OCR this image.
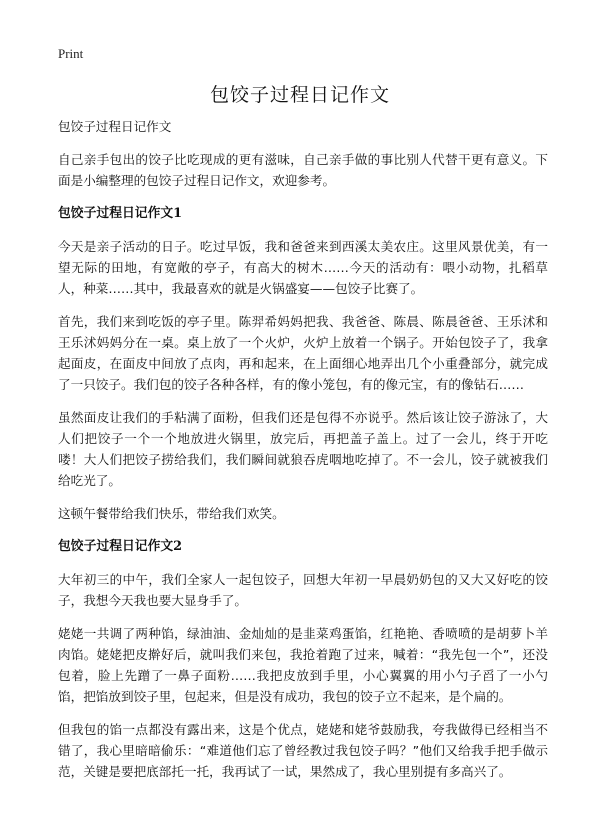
Print
包饺子过程日记作文

包饺子过程日记作文

自己亲手包出的饺子比吃现成的更有滋味，自己亲手做的事比别人代替干更有意义。下面是小编整理的包饺子过程日记作文，欢迎参考。

包饺子过程日记作文1

今天是亲子活动的日子。吃过早饭，我和爸爸来到西溪太美农庄。这里风景优美，有一望无际的田地，有宽敞的亭子，有高大的树木……今天的活动有：喂小动物，扎稻草人，种菜……其中，我最喜欢的就是火锅盛宴——包饺子比赛了。

首先，我们来到吃饭的亭子里。陈羿希妈妈把我、我爸爸、陈晨、陈晨爸爸、王乐沭和王乐沭妈妈分在一桌。桌上放了一个火炉，火炉上放着一个锅子。开始包饺子了，我拿起面皮，在面皮中间放了点肉，再和起来，在上面细心地弄出几个小重叠部分，就完成了一只饺子。我们包的饺子各种各样，有的像小笼包，有的像元宝，有的像钻石……

虽然面皮让我们的手粘满了面粉，但我们还是包得不亦说乎。然后该让饺子游泳了，大人们把饺子一个一个地放进火锅里，放完后，再把盖子盖上。过了一会儿，终于开吃喽！大人们把饺子捞给我们，我们瞬间就狼吞虎咽地吃掉了。不一会儿，饺子就被我们给吃光了。

这顿午餐带给我们快乐，带给我们欢笑。

包饺子过程日记作文2

大年初三的中午，我们全家人一起包饺子，回想大年初一早晨奶奶包的又大又好吃的饺子，我想今天我也要大显身手了。

姥姥一共调了两种馅，绿油油、金灿灿的是韭菜鸡蛋馅，红艳艳、香喷喷的是胡萝卜羊肉馅。姥姥把皮擀好后，就叫我们来包，我抢着跑了过来，喊着：“我先包一个”，还没包着，脸上先蹭了一鼻子面粉……我把皮放到手里，小心翼翼的用小勺子舀了一小勺馅，把馅放到饺子里，包起来，但是没有成功，我包的饺子立不起来，是个扁的。

但我包的馅一点都没有露出来，这是个优点，姥姥和姥爷鼓励我，夸我做得已经相当不错了，我心里暗暗偷乐：“难道他们忘了曾经教过我包饺子吗？”他们又给我手把手做示范，关键是要把底部托一托，我再试了一试，果然成了，我心里别提有多高兴了。
